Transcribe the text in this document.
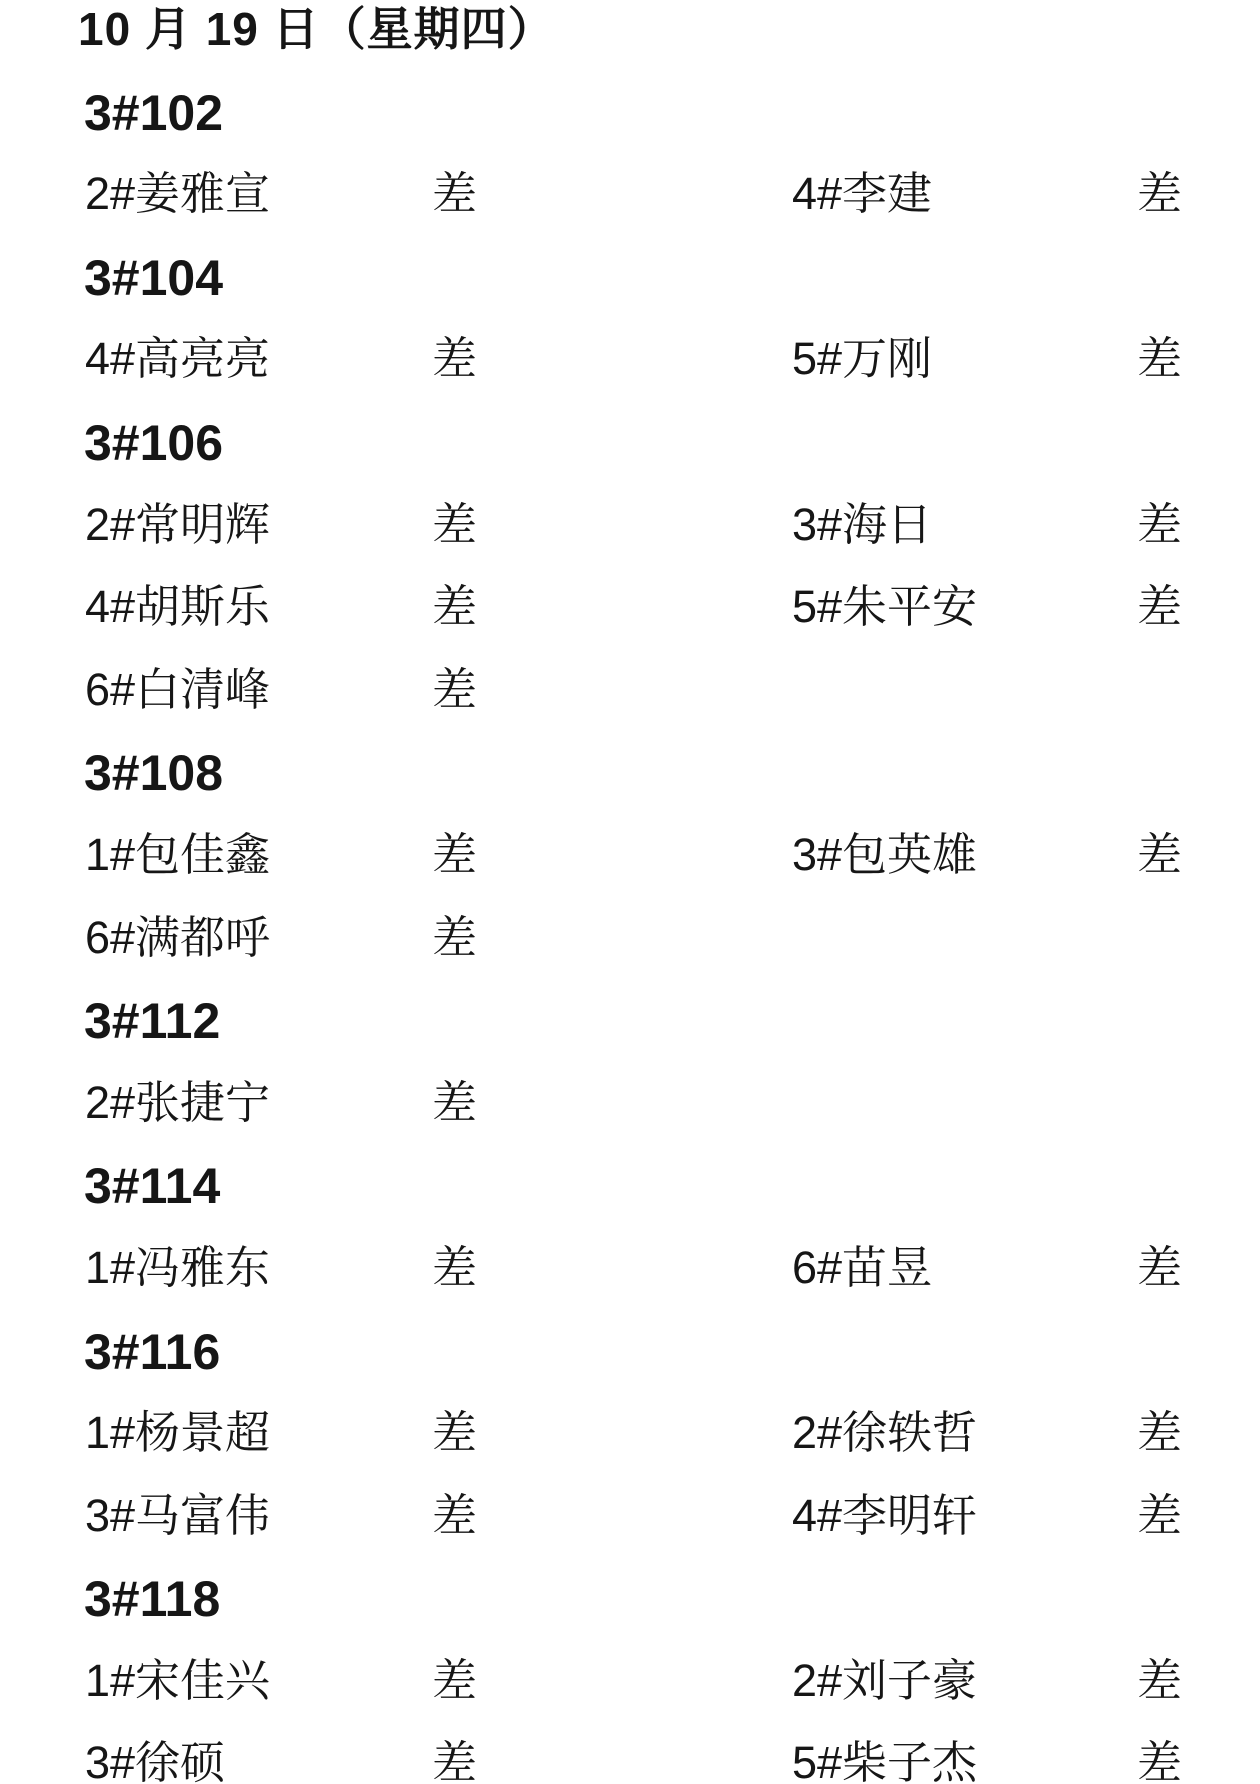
10 月 19 日（星期四）
3#102
2#姜雅宣	差	4#李建	差
3#104
4#高亮亮	差	5#万刚	差
3#106
2#常明辉	差	3#海日	差
4#胡斯乐	差	5#朱平安	差
6#白清峰	差
3#108
1#包佳鑫	差	3#包英雄	差
6#满都呼	差
3#112
2#张捷宁	差
3#114
1#冯雅东	差	6#苗昱	差
3#116
1#杨景超	差	2#徐轶哲	差
3#马富伟	差	4#李明轩	差
3#118
1#宋佳兴	差	2#刘子豪	差
3#徐硕	差	5#柴子杰	差
